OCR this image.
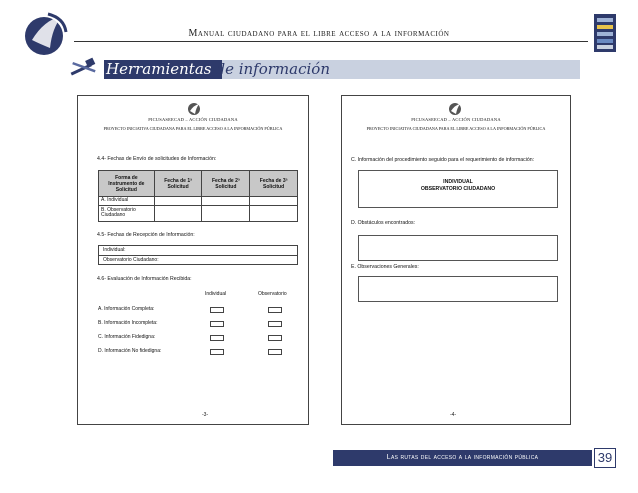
Manual ciudadano para el libre acceso a la información
Herramientas de información
PICUSASEECAD – ACCIÓN CIUDADANA
PROYECTO INICIATIVA CIUDADANA PARA EL LIBRE ACCESO A LA INFORMACIÓN PÚBLICA
4.4- Fechas de Envío de solicitudes de Información:
Forma de Instrumento de Solicitud	Fecha de 1ª Solicitud	Fecha de 2ª Solicitud	Fecha de 3ª Solicitud
A. Individual			
B. Observatorio Ciudadano			
4.5- Fechas de Recepción de Información:
Individual:
Observatorio Ciudadano:
4.6- Evaluación de Información Recibida:
Individual	Observatorio
A. Información Completa:
B. Información Incompleta:
C. Información Fidedigna:
D. Información No fidedigna:
-3-
PICUSASEECAD – ACCIÓN CIUDADANA
PROYECTO INICIATIVA CIUDADANA PARA EL LIBRE ACCESO A LA INFORMACIÓN PÚBLICA
C. Información del procedimiento seguido para el requerimiento de información:
INDIVIDUAL
OBSERVATORIO CIUDADANO
D. Obstáculos encontrados:
E. Observaciones Generales:
-4-
Las rutas del acceso a la información pública	39
